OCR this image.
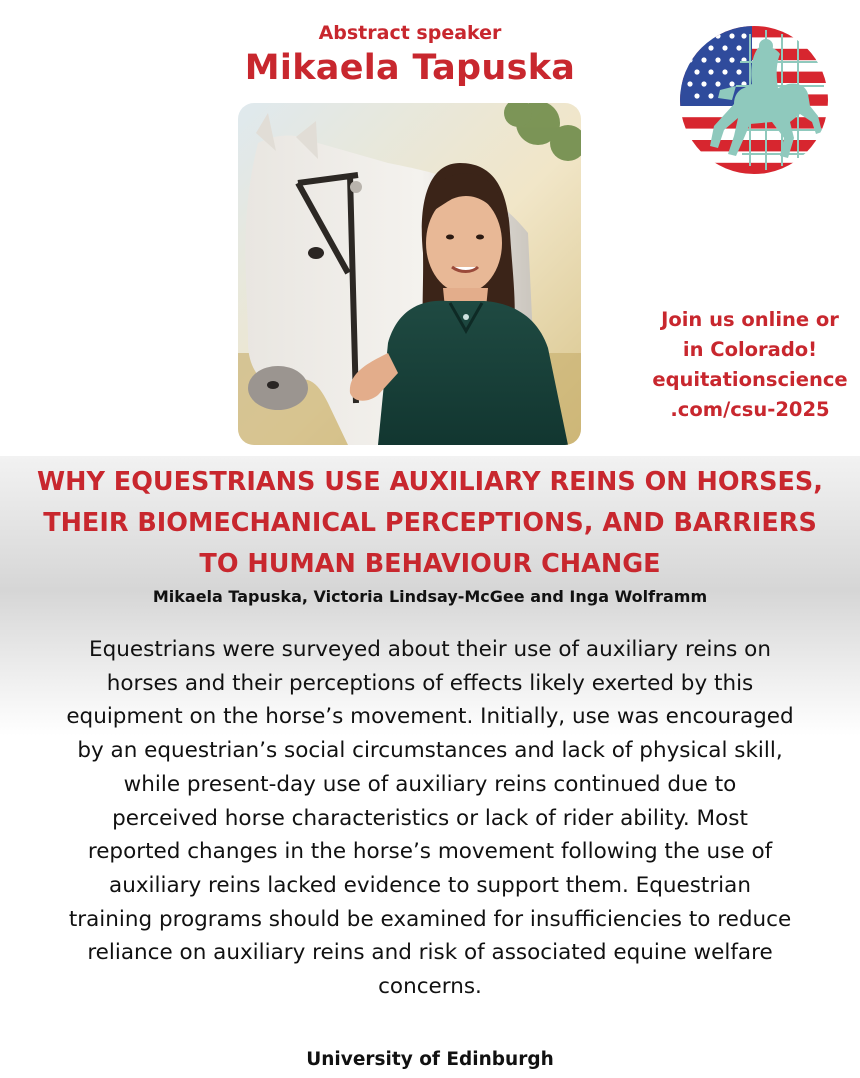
Abstract speaker
Mikaela Tapuska
Join us online or
in Colorado!
equitationscience
.com/csu-2025
WHY EQUESTRIANS USE AUXILIARY REINS ON HORSES,
THEIR BIOMECHANICAL PERCEPTIONS, AND BARRIERS
TO HUMAN BEHAVIOUR CHANGE
Mikaela Tapuska, Victoria Lindsay-McGee and Inga Wolframm
Equestrians were surveyed about their use of auxiliary reins on
horses and their perceptions of effects likely exerted by this
equipment on the horse’s movement. Initially, use was encouraged
by an equestrian’s social circumstances and lack of physical skill,
while present-day use of auxiliary reins continued due to
perceived horse characteristics or lack of rider ability. Most
reported changes in the horse’s movement following the use of
auxiliary reins lacked evidence to support them. Equestrian
training programs should be examined for insufficiencies to reduce
reliance on auxiliary reins and risk of associated equine welfare
concerns.
University of Edinburgh
